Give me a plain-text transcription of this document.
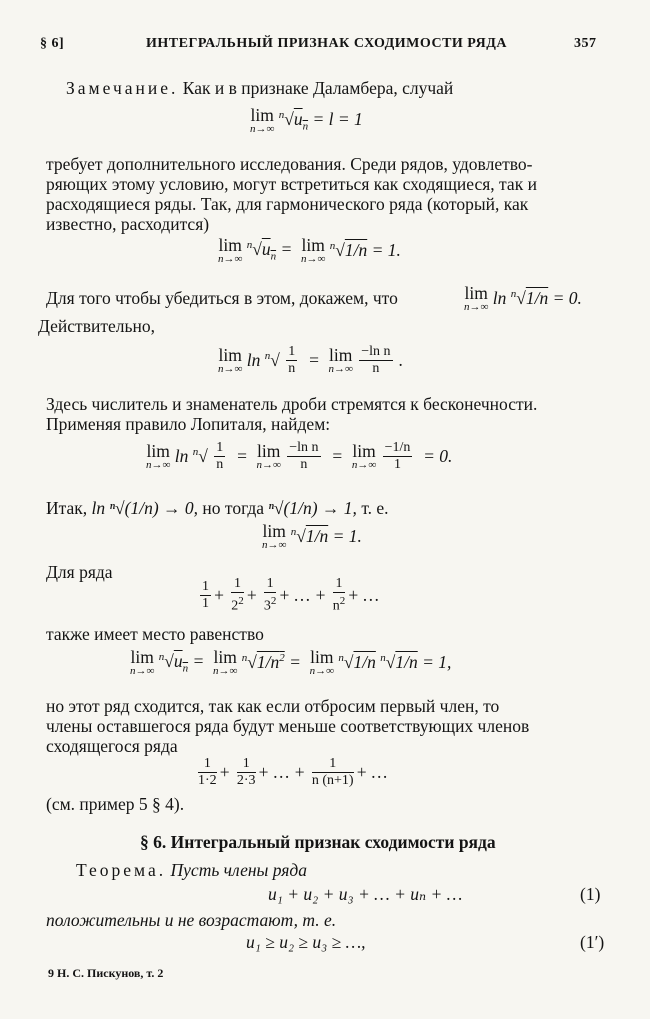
§ 6]	ИНТЕГРАЛЬНЫЙ ПРИЗНАК СХОДИМОСТИ РЯДА	357
Замечание. Как и в признаке Даламбера, случай
lim
n→∞
$^n√u_n = l = 1$
требует дополнительного исследования. Среди рядов, удовлетво-
ряющих этому условию, могут встретиться как сходящиеся, так и
расходящиеся ряды. Так, для гармонического ряда (который, как
известно, расходится)
lim
n→∞
$^n√u_n = \lim$
n→∞
$^n$√1/n = 1.
Для того чтобы убедиться в этом, докажем, что	lim
n→∞ ln $^n$√1/n = 0.
Действительно,
lim
n→∞ $\ln ^n√ \frac{1}{n} = \lim$
n→∞
$\frac{\text{−ln n}}{n}$ .
Здесь числитель и знаменатель дроби стремятся к бесконечности.
Применяя правило Лопиталя, найдем:
lim
n→∞ $\ln ^n√ \frac{1}{n} = \lim$
n→∞
$\frac{\text{−ln n}}{n} = \lim$
n→∞
$\frac{-1/n}{1} = 0$.
Итак, ln ⁿ√(1/n) → 0, но тогда ⁿ√(1/n) → 1, т. е.
lim
n→∞
$^n$√1/n = 1.
Для ряда
$\frac{1}{1} + \frac{1}{2^2} + \frac{1}{3^2}$ + … + $\frac{1}{n^2}$ + …
также имеет место равенство
lim
n→∞
$^n√u_n = \lim$
n→∞
$^n√1/n^2 = \lim$
n→∞
$^n$√1/n $^n$√1/n = 1,
но этот ряд сходится, так как если отбросим первый член, то
члены оставшегося ряда будут меньше соответствующих членов
сходящегося ряда
$\frac{1}{1\cdot 2} + \frac{1}{2\cdot 3}$ + … + $\frac{1}{n (n+1)}$ + …
(см. пример 5 § 4).
§ 6. Интегральный признак сходимости ряда
Теорема. Пусть члены ряда
u₁ + u₂ + u₃ + … + uₙ + …	(1)
положительны и не возрастают, т. е.
u₁ ≥ u₂ ≥ u₃ ≥ …,	(1′)
9 Н. С. Пискунов, т. 2
